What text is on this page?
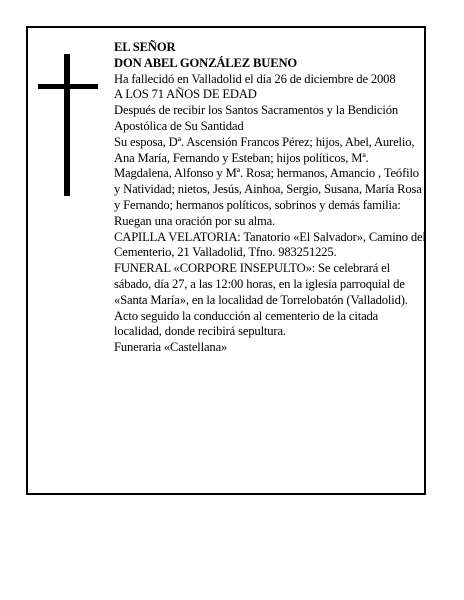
EL SEÑOR

DON ABEL GONZÁLEZ BUENO

Ha fallecidó en Valladolid el día 26 de diciembre de 2008

A LOS 71 AÑOS DE EDAD

Después de recibir los Santos Sacramentos y la Bendición Apostólica de Su Santidad

Su esposa, Dª. Ascensión Francos Pérez; hijos, Abel, Aurelio, Ana María, Fernando y Esteban; hijos políticos, Mª. Magdalena, Alfonso y Mª. Rosa; hermanos, Amancio , Teófilo y Natividad; nietos, Jesús, Ainhoa, Sergio, Susana, María Rosa y Fernando; hermanos políticos, sobrinos y demás familia:

Ruegan una oración por su alma.

CAPILLA VELATORIA: Tanatorio «El Salvador», Camino del Cementerio, 21 Valladolid, Tfno. 983251225.

FUNERAL «CORPORE INSEPULTO»: Se celebrará el sábado, día 27, a las 12:00 horas, en la iglesia parroquial de «Santa María», en la localidad de Torrelobatón (Valladolid). Acto seguido la conducción al cementerio de la citada localidad, donde recibirá sepultura.

Funeraria «Castellana»
